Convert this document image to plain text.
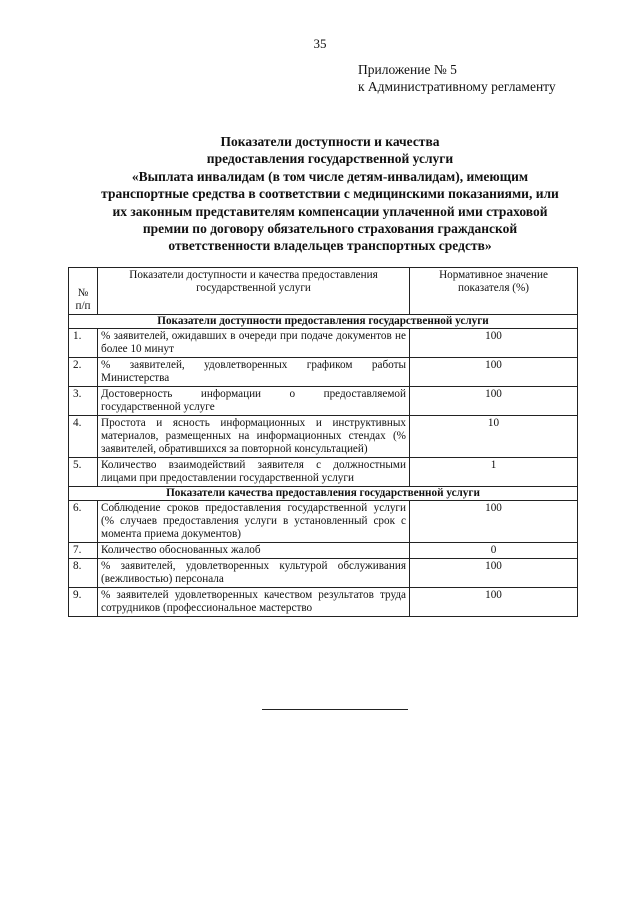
35
Приложение № 5
к Административному регламенту
Показатели доступности и качества
предоставления государственной услуги
«Выплата инвалидам (в том числе детям-инвалидам), имеющим
транспортные средства в соответствии с медицинскими показаниями, или
их законным представителям компенсации уплаченной ими страховой
премии по договору обязательного страхования гражданской
ответственности владельцев транспортных средств»
№ п/п	Показатели доступности и качества предоставления государственной услуги	Нормативное значение показателя (%)
Показатели доступности предоставления государственной услуги		
1.	% заявителей, ожидавших в очереди при подаче документов не более 10 минут	100
2.	% заявителей, удовлетворенных графиком работы Министерства	100
3.	Достоверность информации о предоставляемой государственной услуге	100
4.	Простота и ясность информационных и инструктивных материалов, размещенных на информационных стендах (% заявителей, обратившихся за повторной консультацией)	10
5.	Количество взаимодействий заявителя с должностными лицами при предоставлении государственной услуги	1
Показатели качества предоставления государственной услуги		
6.	Соблюдение сроков предоставления государственной услуги (% случаев предоставления услуги в установленный срок с момента приема документов)	100
7.	Количество обоснованных жалоб	0
8.	% заявителей, удовлетворенных культурой обслуживания (вежливостью) персонала	100
9.	% заявителей удовлетворенных качеством результатов труда сотрудников (профессиональное мастерство	100
